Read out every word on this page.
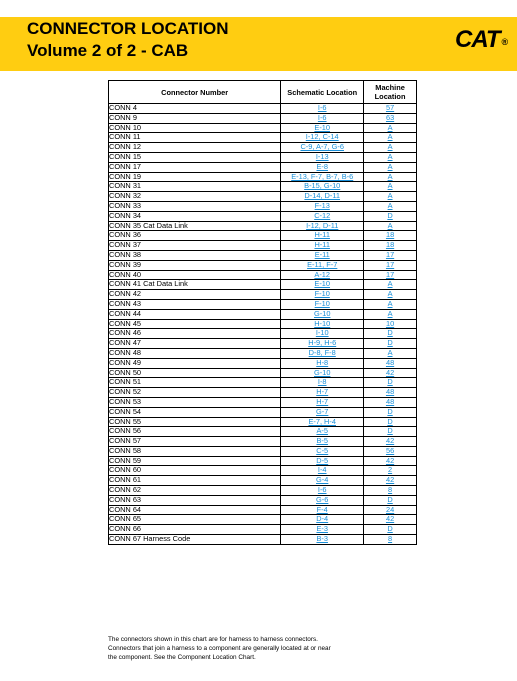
CONNECTOR LOCATION
Volume 2 of 2 - CAB	CAT ®
Connector Number	Schematic Location	Machine Location
CONN 4	I-6	57
CONN 9	I-6	63
CONN 10	E-10	A
CONN 11	I-12, C-14	A
CONN 12	C-9, A-7, G-6	A
CONN 15	I-13	A
CONN 17	E-8	A
CONN 19	E-13, F-7, B-7, B-6	A
CONN 31	B-15, G-10	A
CONN 32	D-14, D-11	A
CONN 33	F-13	A
CONN 34	C-12	D
CONN 35 Cat Data Link	I-12, D-11	A
CONN 36	H-11	18
CONN 37	H-11	18
CONN 38	E-11	17
CONN 39	E-11, F-7	17
CONN 40	A-12	17
CONN 41 Cat Data Link	E-10	A
CONN 42	F-10	A
CONN 43	F-10	A
CONN 44	G-10	A
CONN 45	H-10	10
CONN 46	I-10	D
CONN 47	H-9, H-6	D
CONN 48	D-8, F-8	A
CONN 49	H-8	48
CONN 50	G-10	42
CONN 51	I-8	D
CONN 52	H-7	48
CONN 53	H-7	48
CONN 54	G-7	D
CONN 55	E-7, H-4	D
CONN 56	A-5	D
CONN 57	B-5	42
CONN 58	C-5	56
CONN 59	D-5	42
CONN 60	I-4	2
CONN 61	G-4	42
CONN 62	I-6	8
CONN 63	G-6	D
CONN 64	F-4	24
CONN 65	D-4	42
CONN 66	E-3	D
CONN 67 Harness Code	B-3	8
The connectors shown in this chart are for harness to harness connectors.
Connectors that join a harness to a component are generally located at or near
the component. See the Component Location Chart.
